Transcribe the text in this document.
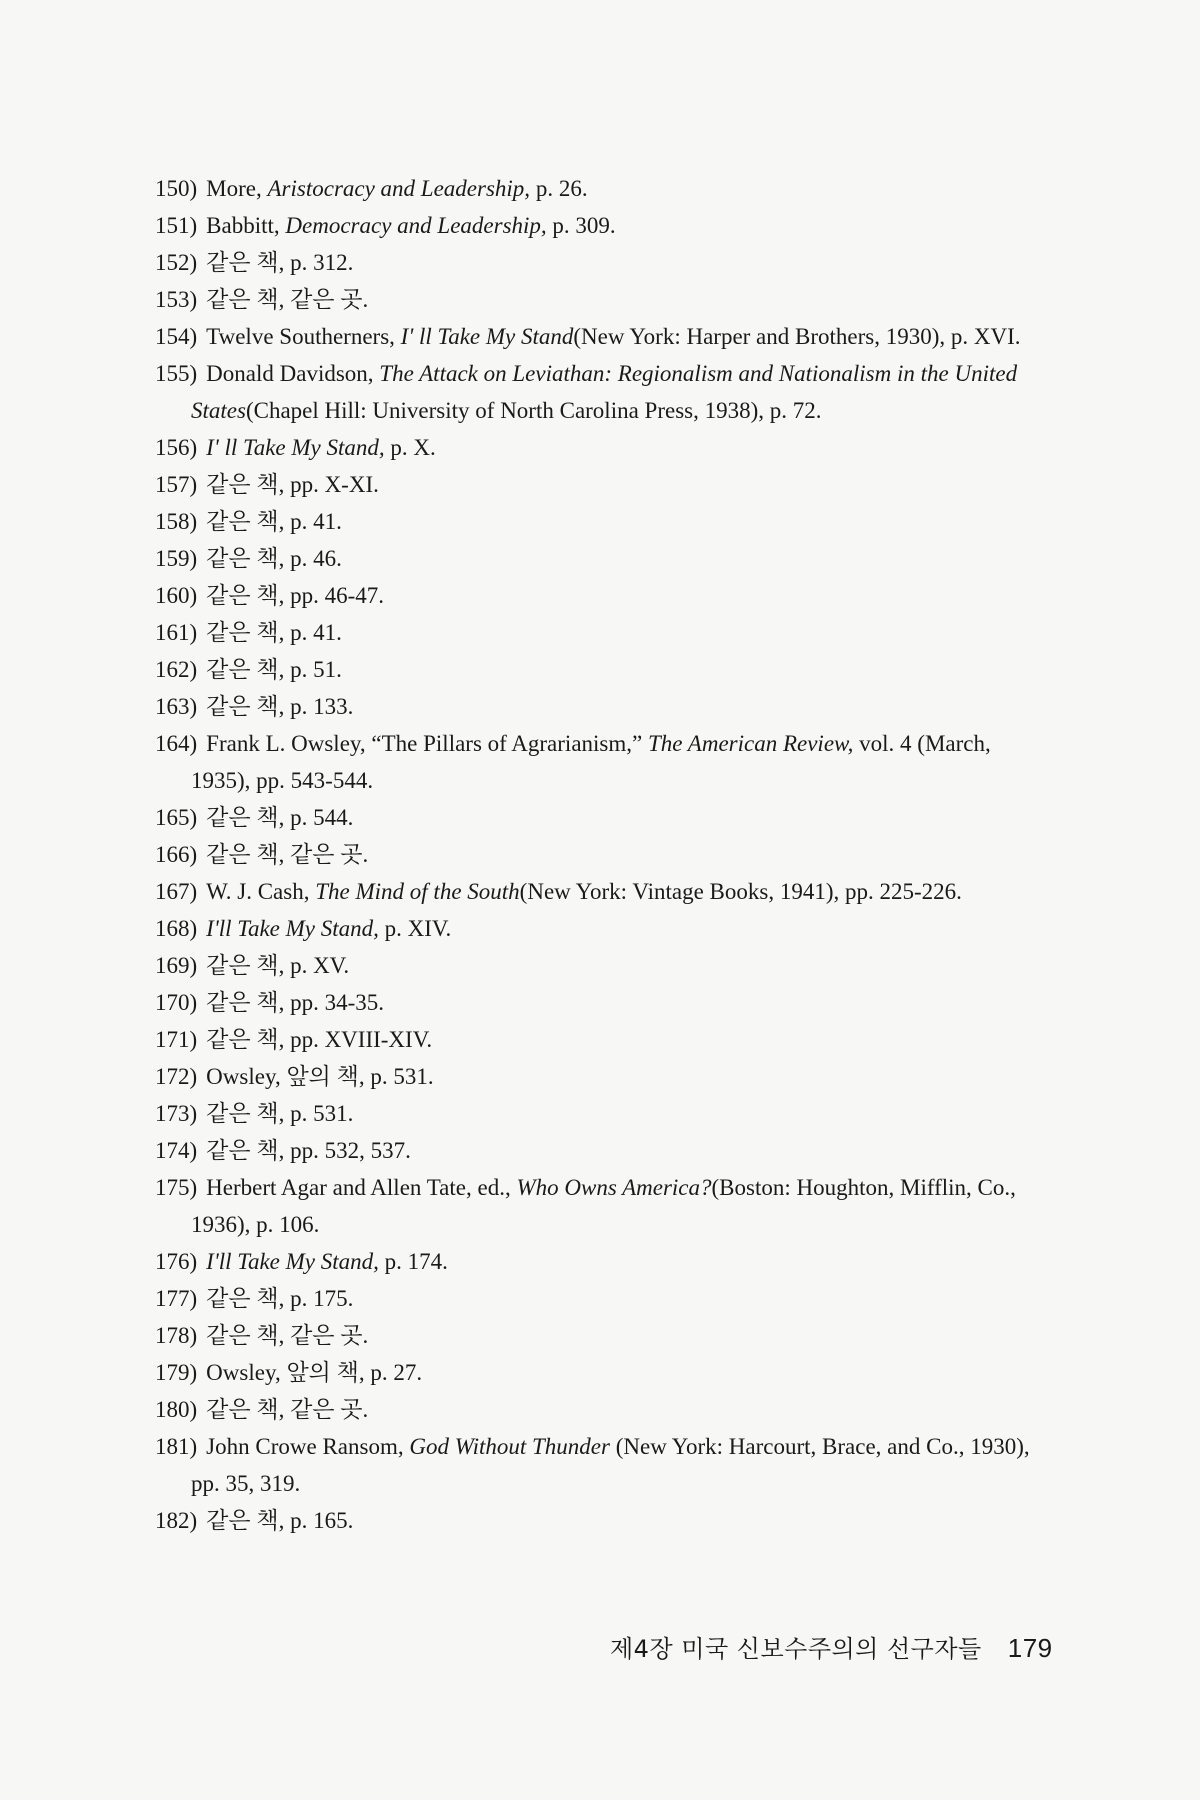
150) More, Aristocracy and Leadership, p. 26.

151) Babbitt, Democracy and Leadership, p. 309.

152) 같은 책, p. 312.

153) 같은 책, 같은 곳.

154) Twelve Southerners, I' ll Take My Stand(New York: Harper and Brothers, 1930), p. XVI.

155) Donald Davidson, The Attack on Leviathan: Regionalism and Nationalism in the United States(Chapel Hill: University of North Carolina Press, 1938), p. 72.

156) I' ll Take My Stand, p. X.

157) 같은 책, pp. X-XI.

158) 같은 책, p. 41.

159) 같은 책, p. 46.

160) 같은 책, pp. 46-47.

161) 같은 책, p. 41.

162) 같은 책, p. 51.

163) 같은 책, p. 133.

164) Frank L. Owsley, “The Pillars of Agrarianism,” The American Review, vol. 4 (March, 1935), pp. 543-544.

165) 같은 책, p. 544.

166) 같은 책, 같은 곳.

167) W. J. Cash, The Mind of the South(New York: Vintage Books, 1941), pp. 225-226.

168) I'll Take My Stand, p. XIV.

169) 같은 책, p. XV.

170) 같은 책, pp. 34-35.

171) 같은 책, pp. XVIII-XIV.

172) Owsley, 앞의 책, p. 531.

173) 같은 책, p. 531.

174) 같은 책, pp. 532, 537.

175) Herbert Agar and Allen Tate, ed., Who Owns America?(Boston: Houghton, Mifflin, Co., 1936), p. 106.

176) I'll Take My Stand, p. 174.

177) 같은 책, p. 175.

178) 같은 책, 같은 곳.

179) Owsley, 앞의 책, p. 27.

180) 같은 책, 같은 곳.

181) John Crowe Ransom, God Without Thunder (New York: Harcourt, Brace, and Co., 1930), pp. 35, 319.

182) 같은 책, p. 165.

제4장 미국 신보수주의의 선구자들 179
